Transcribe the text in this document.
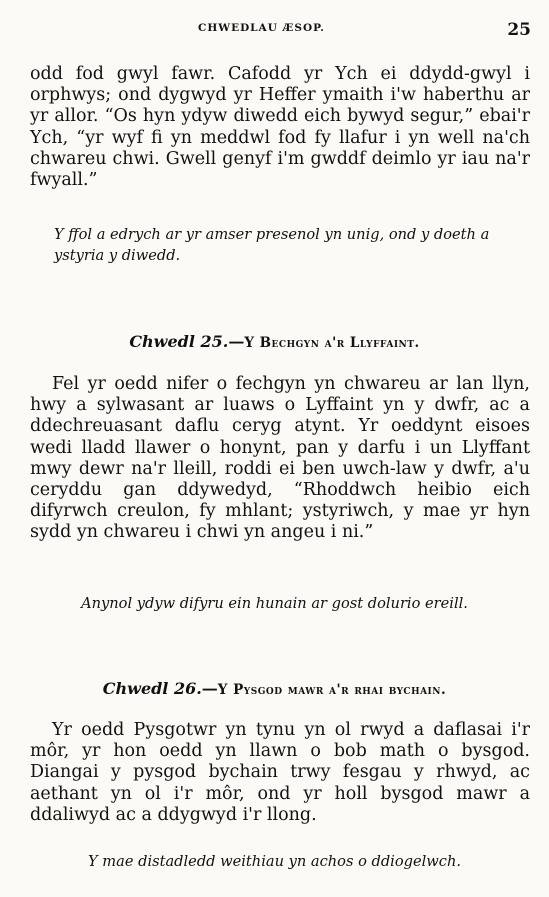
CHWEDLAU ÆSOP.	25

odd fod gwyl fawr. Cafodd yr Ych ei ddydd-gwyl i orphwys; ond dygwyd yr Heffer ymaith i'w haberthu ar yr allor. “Os hyn ydyw diwedd eich bywyd segur,” ebai'r Ych, “yr wyf fi yn meddwl fod fy llafur i yn well na'ch chwareu chwi. Gwell genyf i'm gwddf deimlo yr iau na'r fwyall.”

Y ffol a edrych ar yr amser presenol yn unig, ond y doeth a ystyria y diwedd.

Chwedl 25.—Y Bechgyn a'r Llyffaint.

Fel yr oedd nifer o fechgyn yn chwareu ar lan llyn, hwy a sylwasant ar luaws o Lyffaint yn y dwfr, ac a ddechreuasant daflu ceryg atynt. Yr oeddynt eisoes wedi lladd llawer o honynt, pan y darfu i un Llyffant mwy dewr na'r lleill, roddi ei ben uwch-law y dwfr, a'u ceryddu gan ddywedyd, “Rhoddwch heibio eich difyrwch creulon, fy mhlant; ystyriwch, y mae yr hyn sydd yn chwareu i chwi yn angeu i ni.”

Anynol ydyw difyru ein hunain ar gost dolurio ereill.

Chwedl 26.—Y Pysgod mawr a'r rhai bychain.

Yr oedd Pysgotwr yn tynu yn ol rwyd a daflasai i'r môr, yr hon oedd yn llawn o bob math o bysgod. Diangai y pysgod bychain trwy fesgau y rhwyd, ac aethant yn ol i'r môr, ond yr holl bysgod mawr a ddaliwyd ac a ddygwyd i'r llong.

Y mae distadledd weithiau yn achos o ddiogelwch.
